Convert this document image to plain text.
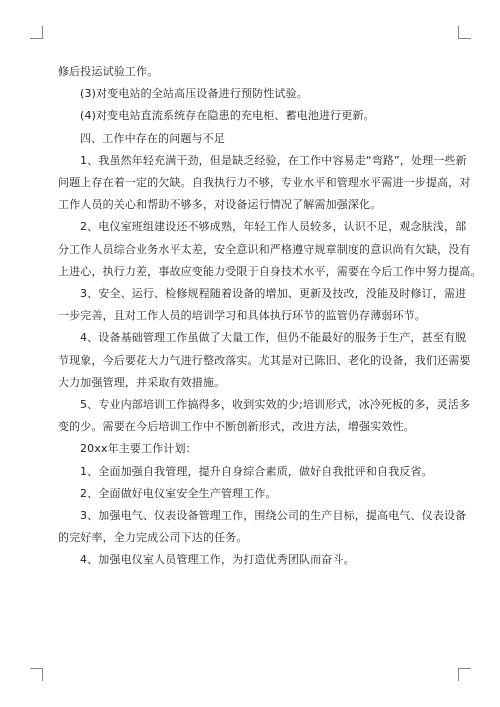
修后投运试验工作。

(3)对变电站的全站高压设备进行预防性试验。

(4)对变电站直流系统存在隐患的充电柜、蓄电池进行更新。

四、工作中存在的问题与不足

1、我虽然年轻充满干劲，但是缺乏经验，在工作中容易走“弯路”，处理一些新

问题上存在着一定的欠缺。自我执行力不够，专业水平和管理水平需进一步提高，对

工作人员的关心和帮助不够多，对设备运行情况了解需加强深化。

2、电仪室班组建设还不够成熟，年轻工作人员较多，认识不足，观念肤浅，部

分工作人员综合业务水平太差，安全意识和严格遵守规章制度的意识尚有欠缺，没有

上进心，执行力差，事故应变能力受限于自身技术水平，需要在今后工作中努力提高。

3、安全、运行、检修规程随着设备的增加、更新及技改，没能及时修订，需进

一步完善，且对工作人员的培训学习和具体执行环节的监管仍存薄弱环节。

4、设备基础管理工作虽做了大量工作，但仍不能最好的服务于生产，甚至有脱

节现象，今后要花大力气进行整改落实。尤其是对已陈旧、老化的设备，我们还需要

大力加强管理，并采取有效措施。

5、专业内部培训工作搞得多，收到实效的少;培训形式，冰冷死板的多，灵活多

变的少。需要在今后培训工作中不断创新形式，改进方法，增强实效性。

20xx年主要工作计划：

1、全面加强自我管理，提升自身综合素质，做好自我批评和自我反省。

2、全面做好电仪室安全生产管理工作。

3、加强电气、仪表设备管理工作，围绕公司的生产目标，提高电气、仪表设备

的完好率，全力完成公司下达的任务。

4、加强电仪室人员管理工作，为打造优秀团队而奋斗。
